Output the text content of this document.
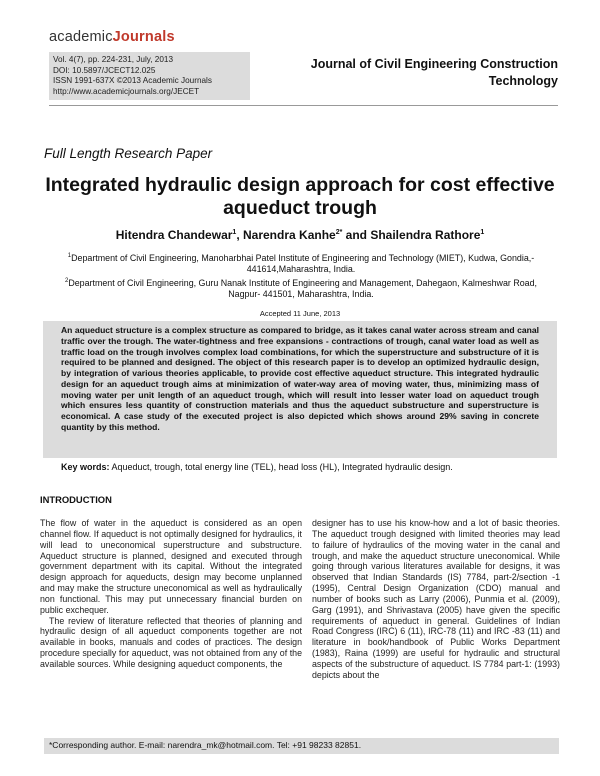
academicJournals
Vol. 4(7), pp. 224-231, July, 2013
DOI: 10.5897/JCECT12.025
ISSN 1991-637X ©2013 Academic Journals
http://www.academicjournals.org/JECET
Journal of Civil Engineering Construction
Technology
Full Length Research Paper
Integrated hydraulic design approach for cost effective
aqueduct trough
Hitendra Chandewar$^1$, Narendra Kanhe$^{2*}$ and Shailendra Rathore$^1$
$^1$Department of Civil Engineering, Manoharbhai Patel Institute of Engineering and Technology (MIET), Kudwa, Gondia,-
441614,Maharashtra, India.
$^2$Department of Civil Engineering, Guru Nanak Institute of Engineering and Management, Dahegaon, Kalmeshwar Road,
Nagpur- 441501, Maharashtra, India.
Accepted 11 June, 2013
An aqueduct structure is a complex structure as compared to bridge, as it takes canal water across stream and canal traffic over the trough. The water-tightness and free expansions - contractions of trough, canal water load as well as traffic load on the trough involves complex load combinations, for which the superstructure and substructure of it is required to be planned and designed. The object of this research paper is to develop an optimized hydraulic design, by integration of various theories applicable, to provide cost effective aqueduct structure. This integrated hydraulic design for an aqueduct trough aims at minimization of water-way area of moving water, thus, minimizing mass of moving water per unit length of an aqueduct trough, which will result into lesser water load on aqueduct trough which ensures less quantity of construction materials and thus the aqueduct substructure and superstructure is economical. A case study of the executed project is also depicted which shows around 29% saving in concrete quantity by this method.
Key words: Aqueduct, trough, total energy line (TEL), head loss (HL), Integrated hydraulic design.
INTRODUCTION

The flow of water in the aqueduct is considered as an open channel flow. If aqueduct is not optimally designed for hydraulics, it will lead to uneconomical superstructure and substructure. Aqueduct structure is planned, designed and executed through government department with its capital. Without the integrated design approach for aqueducts, design may become unplanned and may make the structure uneconomical as well as hydraulically non functional. This may put unnecessary financial burden on public exchequer.

The review of literature reflected that theories of planning and hydraulic design of all aqueduct components together are not available in books, manuals and codes of practices. The design procedure specially for aqueduct, was not obtained from any of the available sources. While designing aqueduct components, the

designer has to use his know-how and a lot of basic theories. The aqueduct trough designed with limited theories may lead to failure of hydraulics of the moving water in the canal and trough, and make the aqueduct structure uneconomical. While going through various literatures available for designs, it was observed that Indian Standards (IS) 7784, part-2/section -1 (1995), Central Design Organization (CDO) manual and number of books such as Larry (2006), Punmia et al. (2009), Garg (1991), and Shrivastava (2005) have given the specific requirements of aqueduct in general. Guidelines of Indian Road Congress (IRC) 6 (11), IRC-78 (11) and IRC -83 (11) and literature in book/handbook of Public Works Department (1983), Raina (1999) are useful for hydraulic and structural aspects of the substructure of aqueduct. IS 7784 part-1: (1993) depicts about the

*Corresponding author. E-mail: narendra_mk@hotmail.com. Tel: +91 98233 82851.
